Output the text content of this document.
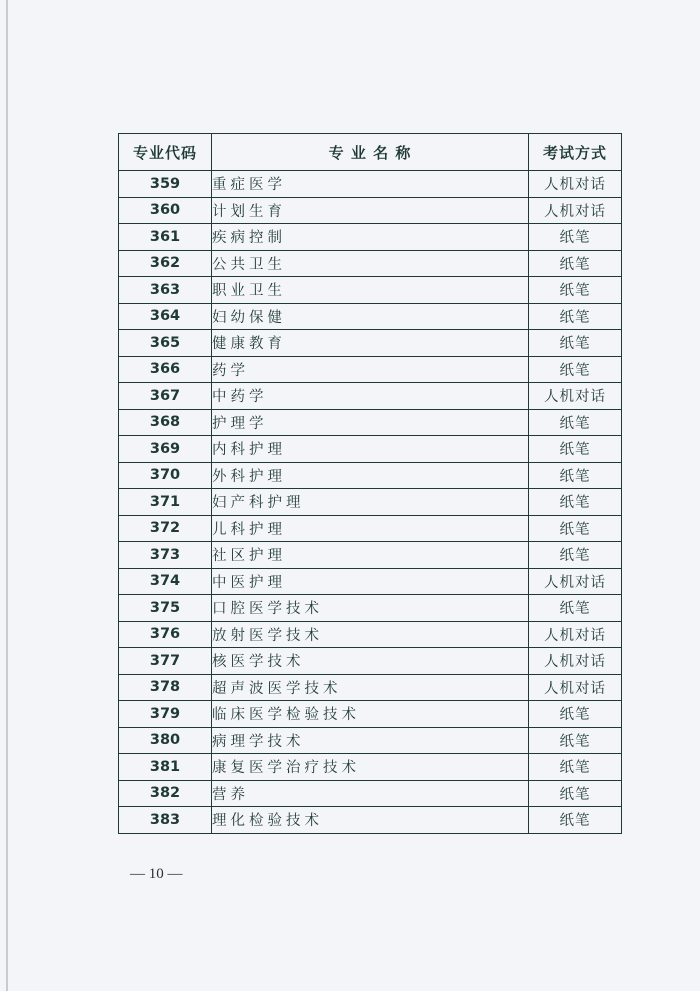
专业代码	专 业 名 称	考试方式
359	重症医学	人机对话
360	计划生育	人机对话
361	疾病控制	纸笔
362	公共卫生	纸笔
363	职业卫生	纸笔
364	妇幼保健	纸笔
365	健康教育	纸笔
366	药学	纸笔
367	中药学	人机对话
368	护理学	纸笔
369	内科护理	纸笔
370	外科护理	纸笔
371	妇产科护理	纸笔
372	儿科护理	纸笔
373	社区护理	纸笔
374	中医护理	人机对话
375	口腔医学技术	纸笔
376	放射医学技术	人机对话
377	核医学技术	人机对话
378	超声波医学技术	人机对话
379	临床医学检验技术	纸笔
380	病理学技术	纸笔
381	康复医学治疗技术	纸笔
382	营养	纸笔
383	理化检验技术	纸笔
— 10 —
